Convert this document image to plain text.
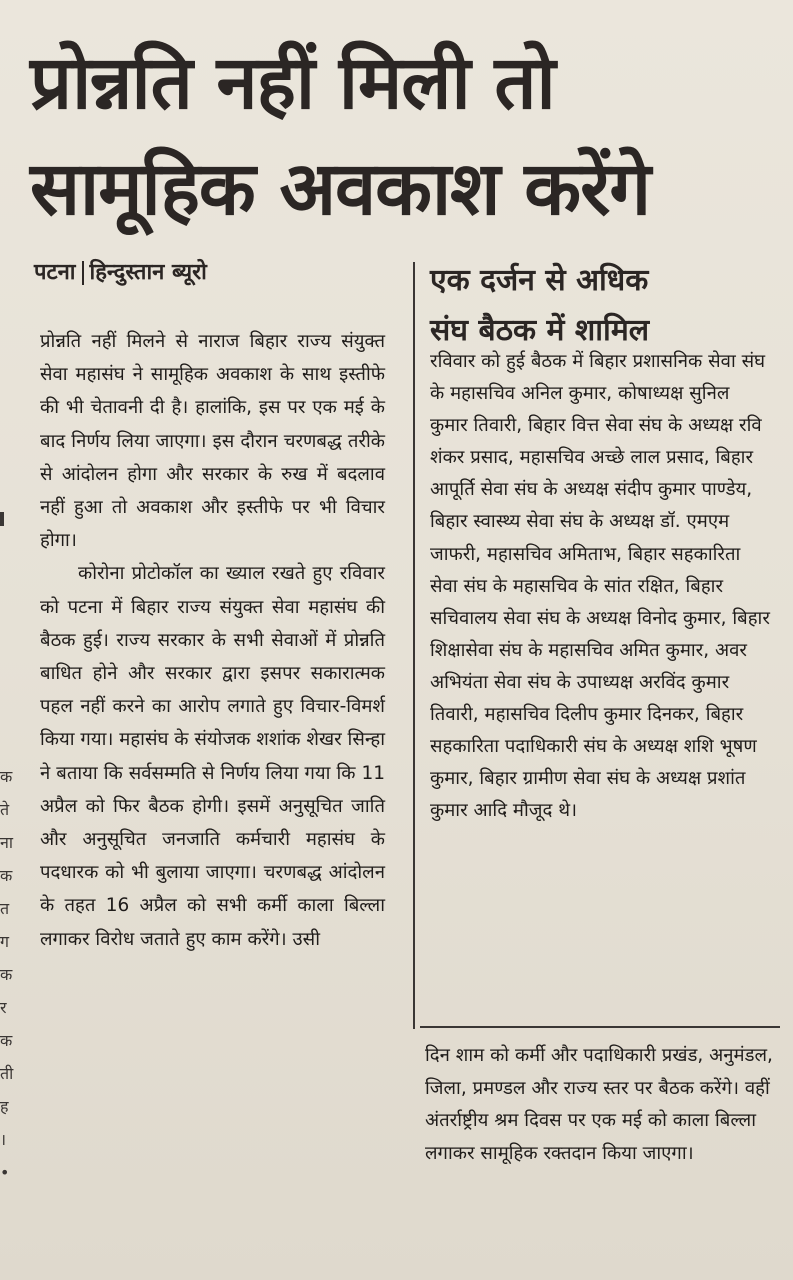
प्रोन्नति नहीं मिली तो
सामूहिक अवकाश करेंगे
पटना हिन्दुस्तान ब्यूरो

प्रोन्नति नहीं मिलने से नाराज बिहार राज्य संयुक्त सेवा महासंघ ने सामूहिक अवकाश के साथ इस्तीफे की भी चेतावनी दी है। हालांकि, इस पर एक मई के बाद निर्णय लिया जाएगा। इस दौरान चरणबद्ध तरीके से आंदोलन होगा और सरकार के रुख में बदलाव नहीं हुआ तो अवकाश और इस्तीफे पर भी विचार होगा।

कोरोना प्रोटोकॉल का ख्याल रखते हुए रविवार को पटना में बिहार राज्य संयुक्त सेवा महासंघ की बैठक हुई। राज्य सरकार के सभी सेवाओं में प्रोन्नति बाधित होने और सरकार द्वारा इसपर सकारात्मक पहल नहीं करने का आरोप लगाते हुए विचार-विमर्श किया गया। महासंघ के संयोजक शशांक शेखर सिन्हा ने बताया कि सर्वसम्मति से निर्णय लिया गया कि 11 अप्रैल को फिर बैठक होगी। इसमें अनुसूचित जाति और अनुसूचित जनजाति कर्मचारी महासंघ के पदधारक को भी बुलाया जाएगा। चरणबद्ध आंदोलन के तहत 16 अप्रैल को सभी कर्मी काला बिल्ला लगाकर विरोध जताते हुए काम करेंगे। उसी

एक दर्जन से अधिक
संघ बैठक में शामिल

रविवार को हुई बैठक में बिहार प्रशासनिक सेवा संघ के महासचिव अनिल कुमार, कोषाध्यक्ष सुनिल कुमार तिवारी, बिहार वित्त सेवा संघ के अध्यक्ष रवि शंकर प्रसाद, महासचिव अच्छे लाल प्रसाद, बिहार आपूर्ति सेवा संघ के अध्यक्ष संदीप कुमार पाण्डेय, बिहार स्वास्थ्य सेवा संघ के अध्यक्ष डॉ. एमएम जाफरी, महासचिव अमिताभ, बिहार सहकारिता सेवा संघ के महासचिव के सांत रक्षित, बिहार सचिवालय सेवा संघ के अध्यक्ष विनोद कुमार, बिहार शिक्षासेवा संघ के महासचिव अमित कुमार, अवर अभियंता सेवा संघ के उपाध्यक्ष अरविंद कुमार तिवारी, महासचिव दिलीप कुमार दिनकर, बिहार सहकारिता पदाधिकारी संघ के अध्यक्ष शशि भूषण कुमार, बिहार ग्रामीण सेवा संघ के अध्यक्ष प्रशांत कुमार आदि मौजूद थे।

दिन शाम को कर्मी और पदाधिकारी प्रखंड, अनुमंडल, जिला, प्रमण्डल और राज्य स्तर पर बैठक करेंगे। वहीं अंतर्राष्ट्रीय श्रम दिवस पर एक मई को काला बिल्ला लगाकर सामूहिक रक्तदान किया जाएगा।

क
ते
ना
क
त
ग
क
र
क
ती
ह
।
•
